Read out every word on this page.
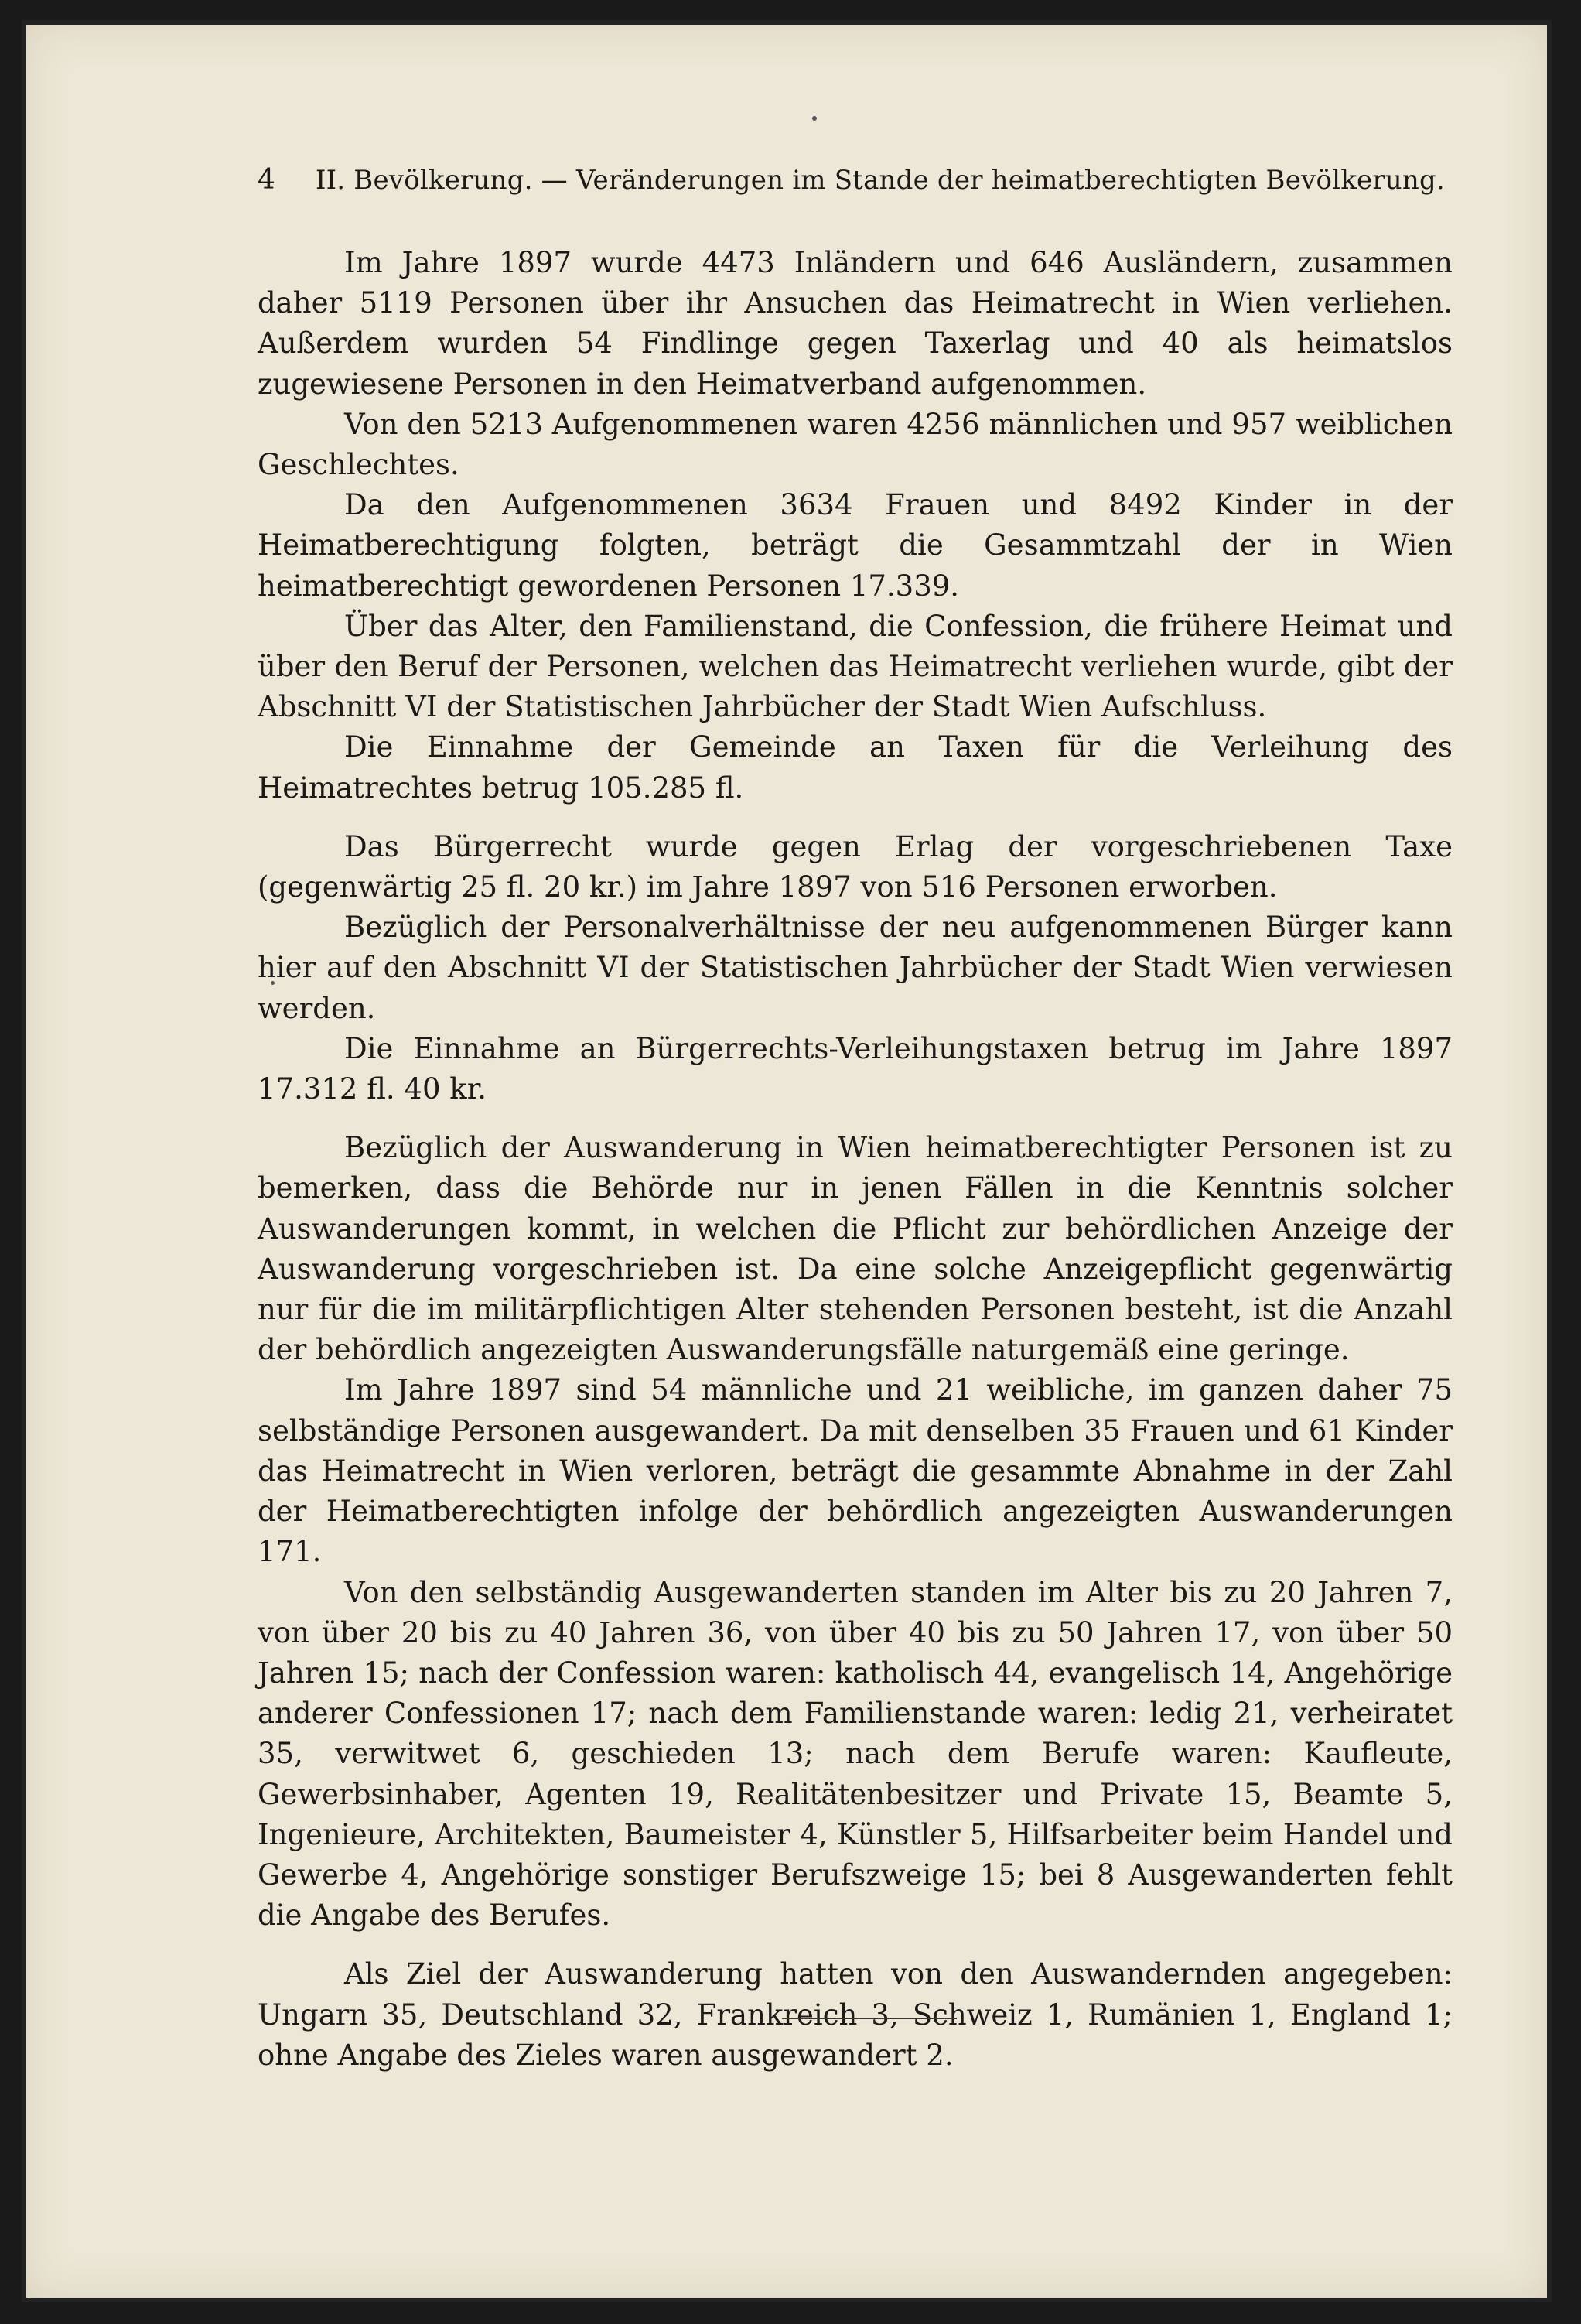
4 II. Bevölkerung. — Veränderungen im Stande der heimatberechtigten Bevölkerung.

Im Jahre 1897 wurde 4473 Inländern und 646 Ausländern, zusammen daher 5119 Personen über ihr Ansuchen das Heimatrecht in Wien verliehen. Außerdem wurden 54 Findlinge gegen Taxerlag und 40 als heimatslos zugewiesene Personen in den Heimatverband aufgenommen.

Von den 5213 Aufgenommenen waren 4256 männlichen und 957 weiblichen Geschlechtes.

Da den Aufgenommenen 3634 Frauen und 8492 Kinder in der Heimatberechtigung folgten, beträgt die Gesammtzahl der in Wien heimatberechtigt gewordenen Personen 17.339.

Über das Alter, den Familienstand, die Confession, die frühere Heimat und über den Beruf der Personen, welchen das Heimatrecht verliehen wurde, gibt der Abschnitt VI der Statistischen Jahrbücher der Stadt Wien Aufschluss.

Die Einnahme der Gemeinde an Taxen für die Verleihung des Heimatrechtes betrug 105.285 fl.

Das Bürgerrecht wurde gegen Erlag der vorgeschriebenen Taxe (gegenwärtig 25 fl. 20 kr.) im Jahre 1897 von 516 Personen erworben.

Bezüglich der Personalverhältnisse der neu aufgenommenen Bürger kann hier auf den Abschnitt VI der Statistischen Jahrbücher der Stadt Wien verwiesen werden.

Die Einnahme an Bürgerrechts-Verleihungstaxen betrug im Jahre 1897 17.312 fl. 40 kr.

Bezüglich der Auswanderung in Wien heimatberechtigter Personen ist zu bemerken, dass die Behörde nur in jenen Fällen in die Kenntnis solcher Auswanderungen kommt, in welchen die Pflicht zur behördlichen Anzeige der Auswanderung vorgeschrieben ist. Da eine solche Anzeigepflicht gegenwärtig nur für die im militärpflichtigen Alter stehenden Personen besteht, ist die Anzahl der behördlich angezeigten Auswanderungsfälle naturgemäß eine geringe.

Im Jahre 1897 sind 54 männliche und 21 weibliche, im ganzen daher 75 selbständige Personen ausgewandert. Da mit denselben 35 Frauen und 61 Kinder das Heimatrecht in Wien verloren, beträgt die gesammte Abnahme in der Zahl der Heimatberechtigten infolge der behördlich angezeigten Auswanderungen 171.

Von den selbständig Ausgewanderten standen im Alter bis zu 20 Jahren 7, von über 20 bis zu 40 Jahren 36, von über 40 bis zu 50 Jahren 17, von über 50 Jahren 15; nach der Confession waren: katholisch 44, evangelisch 14, Angehörige anderer Confessionen 17; nach dem Familienstande waren: ledig 21, verheiratet 35, verwitwet 6, geschieden 13; nach dem Berufe waren: Kaufleute, Gewerbsinhaber, Agenten 19, Realitätenbesitzer und Private 15, Beamte 5, Ingenieure, Architekten, Baumeister 4, Künstler 5, Hilfsarbeiter beim Handel und Gewerbe 4, Angehörige sonstiger Berufszweige 15; bei 8 Ausgewanderten fehlt die Angabe des Berufes.

Als Ziel der Auswanderung hatten von den Auswandernden angegeben: Ungarn 35, Deutschland 32, Frankreich 3, Schweiz 1, Rumänien 1, England 1; ohne Angabe des Zieles waren ausgewandert 2.
